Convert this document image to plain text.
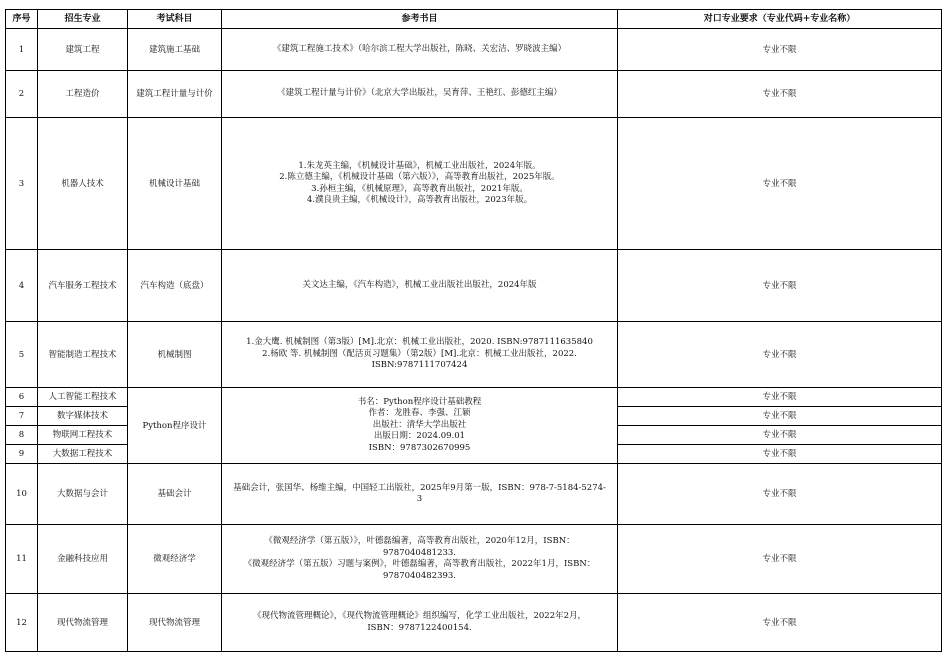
序号	招生专业	考试科目	参考书目	对口专业要求（专业代码+专业名称）
1	建筑工程	建筑施工基础	《建筑工程施工技术》（哈尔滨工程大学出版社，陈晓、关宏洁、罗晓波主编）	专业不限
2	工程造价	建筑工程计量与计价	《建筑工程计量与计价》（北京大学出版社，吴育萍、王艳红、彭德红主编）	专业不限
3	机器人技术	机械设计基础	1.朱龙英主编，《机械设计基础》，机械工业出版社，2024年版。
2.陈立德主编，《机械设计基础（第六版）》，高等教育出版社，2025年版。
3.孙桓主编，《机械原理》，高等教育出版社，2021年版。
4.濮良贵主编，《机械设计》，高等教育出版社，2023年版。	专业不限
4	汽车服务工程技术	汽车构造（底盘）	关文达主编，《汽车构造》，机械工业出版社出版社，2024年版	专业不限
5	智能制造工程技术	机械制图	1.金大鹰. 机械制图（第3版）[M].北京：机械工业出版社，2020. ISBN:9787111635840
2.杨欧 等. 机械制图（配活页习题集）（第2版）[M].北京：机械工业出版社，2022.
ISBN:9787111707424	专业不限
6	人工智能工程技术	Python程序设计	书名：Python程序设计基础教程
作者：龙胜春、李强、江颖
出版社：清华大学出版社
出版日期：2024.09.01
ISBN：9787302670995	专业不限
7	数字媒体技术			专业不限
8	物联网工程技术			专业不限
9	大数据工程技术			专业不限
10	大数据与会计	基础会计	基础会计，张国华、杨维主编，中国轻工出版社，2025年9月第一版，ISBN：978-7-5184-5274-
3	专业不限
11	金融科技应用	微观经济学	《微观经济学（第五版）》，叶德磊编著，高等教育出版社，2020年12月，ISBN：
9787040481233.
《微观经济学（第五版）习题与案例》，叶德磊编著，高等教育出版社，2022年1月，ISBN：
9787040482393.	专业不限
12	现代物流管理	现代物流管理	《现代物流管理概论》，《现代物流管理概论》组织编写，化学工业出版社，2022年2月，
ISBN：9787122400154.	专业不限
